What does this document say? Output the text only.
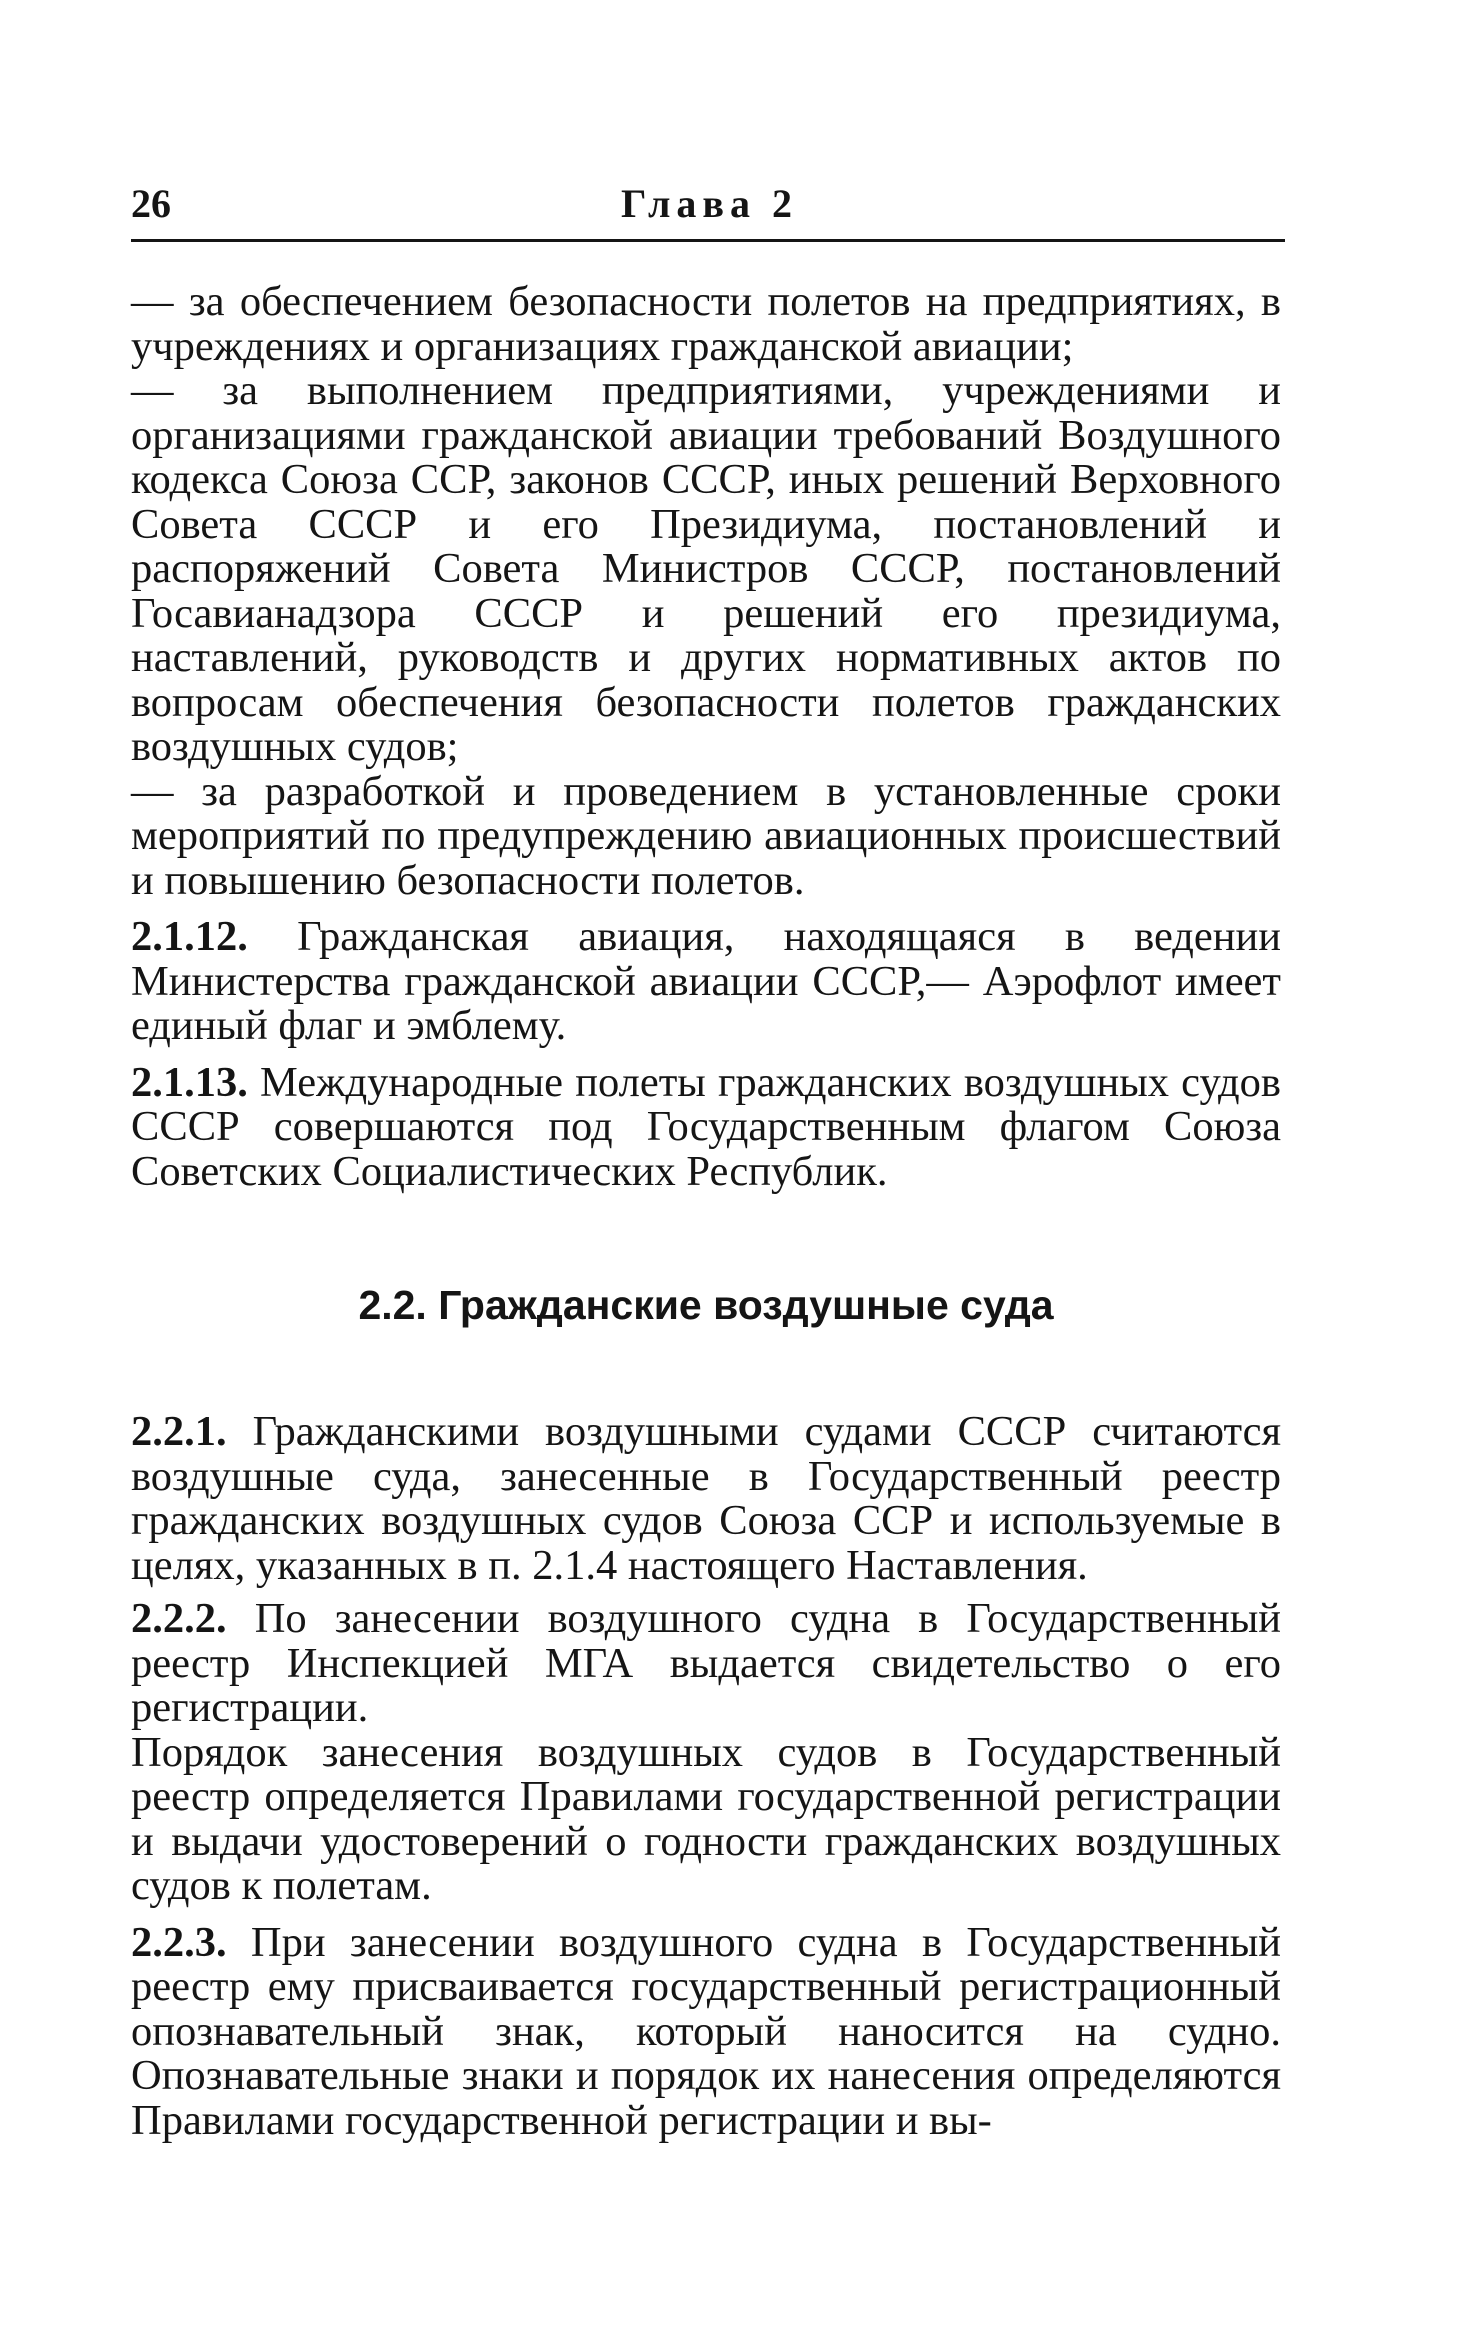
26	Глава 2

— за обеспечением безопасности полетов на предприятиях, в учреждениях и организациях гражданской авиации;

— за выполнением предприятиями, учреждениями и организациями гражданской авиации требований Воздушного кодекса Союза ССР, законов СССР, иных решений Верховного Совета СССР и его Президиума, постановлений и распоряжений Совета Министров СССР, постановлений Госавианадзора СССР и решений его президиума, наставлений, руководств и других нормативных актов по вопросам обеспечения безопасности полетов гражданских воздушных судов;

— за разработкой и проведением в установленные сроки мероприятий по предупреждению авиационных происшествий и повышению безопасности полетов.

2.1.12. Гражданская авиация, находящаяся в ведении Министерства гражданской авиации СССР,— Аэрофлот имеет единый флаг и эмблему.

2.1.13. Международные полеты гражданских воздушных судов СССР совершаются под Государственным флагом Союза Советских Социалистических Республик.

2.2. Гражданские воздушные суда

2.2.1. Гражданскими воздушными судами СССР считаются воздушные суда, занесенные в Государственный реестр гражданских воздушных судов Союза ССР и используемые в целях, указанных в п. 2.1.4 настоящего Наставления.

2.2.2. По занесении воздушного судна в Государственный реестр Инспекцией МГА выдается свидетельство о его регистрации.

Порядок занесения воздушных судов в Государственный реестр определяется Правилами государственной регистрации и выдачи удостоверений о годности гражданских воздушных судов к полетам.

2.2.3. При занесении воздушного судна в Государственный реестр ему присваивается государственный регистрационный опознавательный знак, который наносится на судно. Опознавательные знаки и порядок их нанесения определяются Правилами государственной регистрации и вы-
